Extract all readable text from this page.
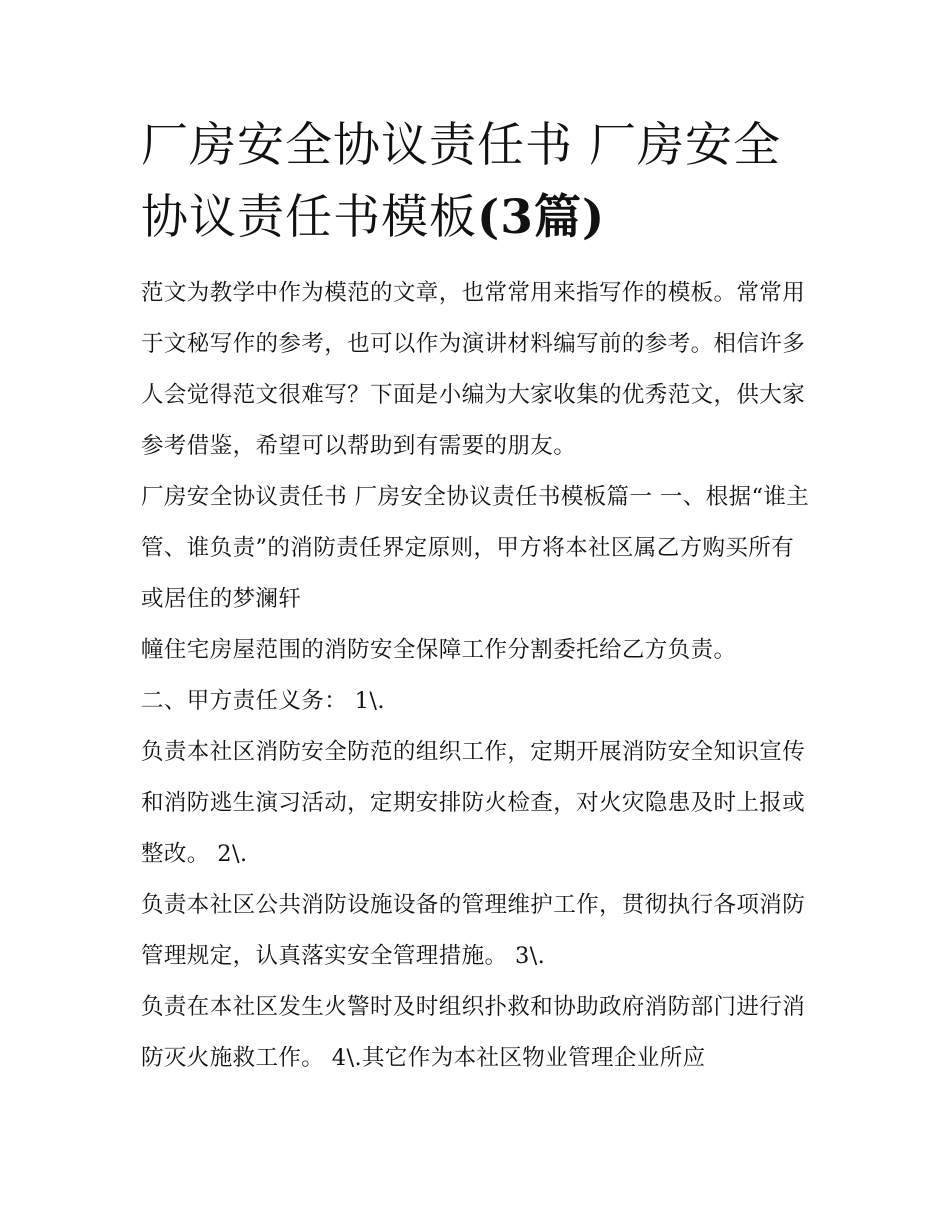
厂房安全协议责任书 厂房安全协议责任书模板(3篇)

范文为教学中作为模范的文章，也常常用来指写作的模板。常常用于文秘写作的参考，也可以作为演讲材料编写前的参考。相信许多人会觉得范文很难写？下面是小编为大家收集的优秀范文，供大家参考借鉴，希望可以帮助到有需要的朋友。

厂房安全协议责任书 厂房安全协议责任书模板篇一 一、根据“谁主管、谁负责”的消防责任界定原则，甲方将本社区属乙方购买所有或居住的梦澜轩

幢住宅房屋范围的消防安全保障工作分割委托给乙方负责。

二、甲方责任义务： 1\.

负责本社区消防安全防范的组织工作，定期开展消防安全知识宣传和消防逃生演习活动，定期安排防火检查，对火灾隐患及时上报或整改。 2\.

负责本社区公共消防设施设备的管理维护工作，贯彻执行各项消防管理规定，认真落实安全管理措施。 3\.

负责在本社区发生火警时及时组织扑救和协助政府消防部门进行消防灭火施救工作。 4\.其它作为本社区物业管理企业所应
